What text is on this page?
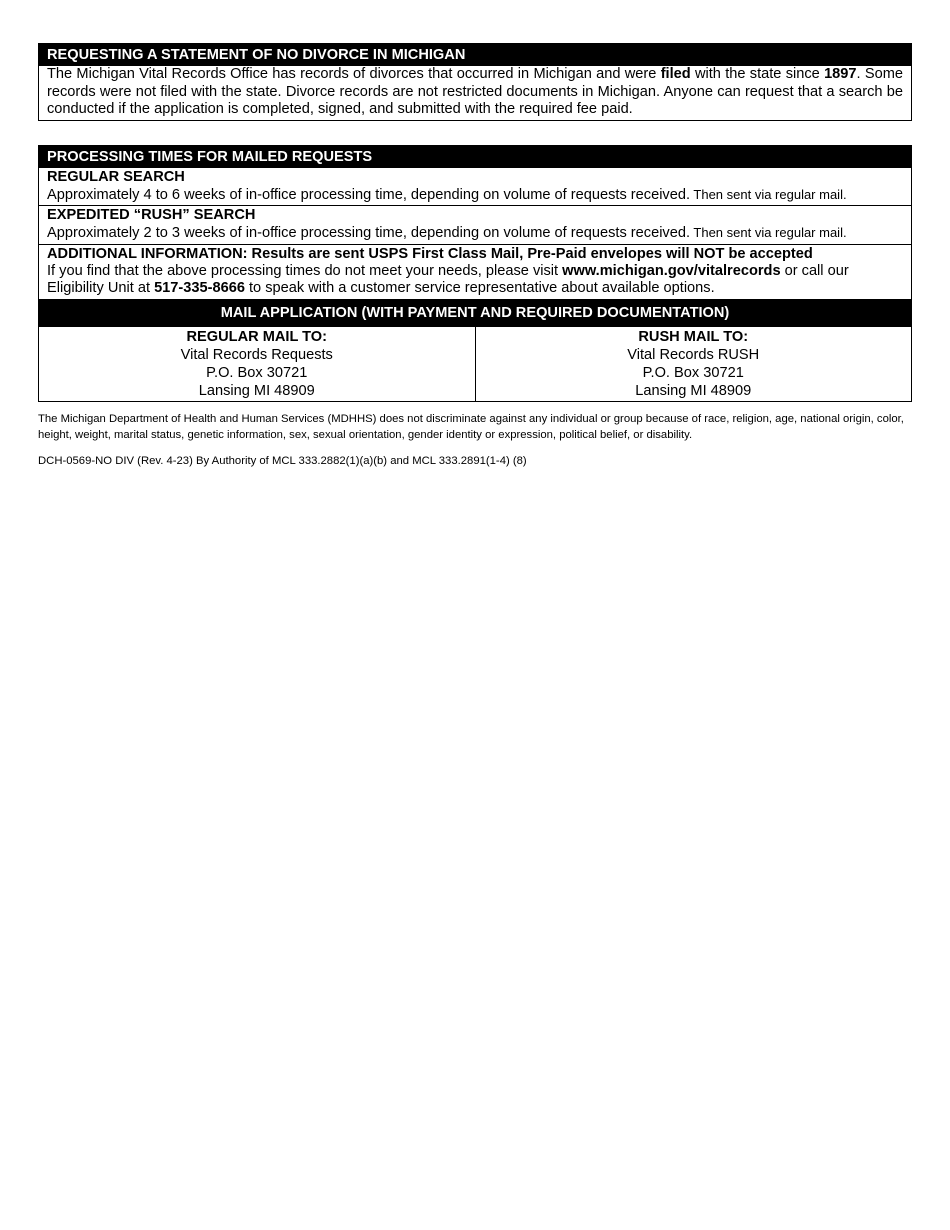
REQUESTING A STATEMENT OF NO DIVORCE IN MICHIGAN
The Michigan Vital Records Office has records of divorces that occurred in Michigan and were filed with the state since 1897. Some records were not filed with the state. Divorce records are not restricted documents in Michigan. Anyone can request that a search be conducted if the application is completed, signed, and submitted with the required fee paid.
PROCESSING TIMES FOR MAILED REQUESTS
REGULAR SEARCH
Approximately 4 to 6 weeks of in-office processing time, depending on volume of requests received. Then sent via regular mail.
EXPEDITED “RUSH” SEARCH
Approximately 2 to 3 weeks of in-office processing time, depending on volume of requests received. Then sent via regular mail.
ADDITIONAL INFORMATION: Results are sent USPS First Class Mail, Pre-Paid envelopes will NOT be accepted
If you find that the above processing times do not meet your needs, please visit www.michigan.gov/vitalrecords or call our Eligibility Unit at 517-335-8666 to speak with a customer service representative about available options.
MAIL APPLICATION (WITH PAYMENT AND REQUIRED DOCUMENTATION)
REGULAR MAIL TO:
Vital Records Requests
P.O. Box 30721
Lansing MI 48909
RUSH MAIL TO:
Vital Records RUSH
P.O. Box 30721
Lansing MI 48909
The Michigan Department of Health and Human Services (MDHHS) does not discriminate against any individual or group because of race, religion, age, national origin, color, height, weight, marital status, genetic information, sex, sexual orientation, gender identity or expression, political belief, or disability.
DCH-0569-NO DIV (Rev. 4-23) By Authority of MCL 333.2882(1)(a)(b) and MCL 333.2891(1-4) (8)
